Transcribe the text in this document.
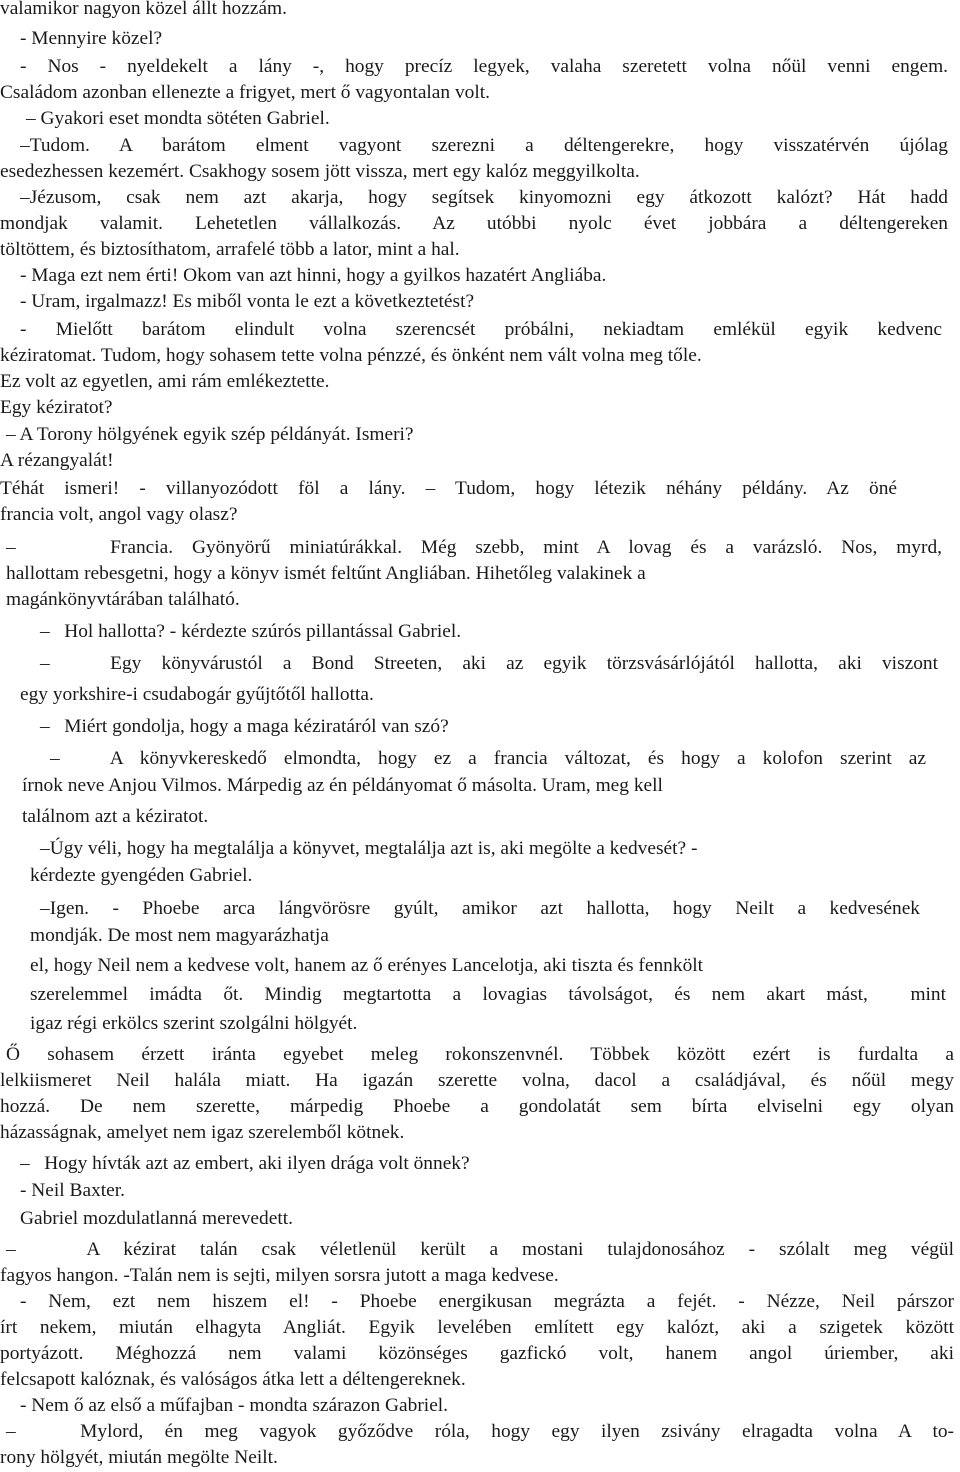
valamikor nagyon közel állt hozzám.
- Mennyire közel?
- Nos - nyeldekelt a lány -, hogy precíz legyek, valaha szeretett volna nőül venni engem.
Családom azonban ellenezte a frigyet, mert ő vagyontalan volt.
– Gyakori eset mondta sötéten Gabriel.
–Tudom. A barátom elment vagyont szerezni a déltengerekre, hogy visszatérvén újólag
esedezhessen kezemért. Csakhogy sosem jött vissza, mert egy kalóz meggyilkolta.
–Jézusom, csak nem azt akarja, hogy segítsek kinyomozni egy átkozott kalózt? Hát hadd
mondjak valamit. Lehetetlen vállalkozás. Az utóbbi nyolc évet jobbára a déltengereken
töltöttem, és biztosíthatom, arrafelé több a lator, mint a hal.
- Maga ezt nem érti! Okom van azt hinni, hogy a gyilkos hazatért Angliába.
- Uram, irgalmazz! Es miből vonta le ezt a következtetést?
- Mielőtt barátom elindult volna szerencsét próbálni, nekiadtam emlékül egyik kedvenc
kéziratomat. Tudom, hogy sohasem tette volna pénzzé, és önként nem vált volna meg tőle.
Ez volt az egyetlen, ami rám emlékeztette.
Egy kéziratot?
– A Torony hölgyének egyik szép példányát. Ismeri?
A rézangyalát!
Téhát ismeri! - villanyozódott föl a lány. – Tudom, hogy létezik néhány példány. Az öné
francia volt, angol vagy olasz?
–     Francia. Gyönyörű miniatúrákkal. Még szebb, mint A lovag és a varázsló. Nos, myrd,
hallottam rebesgetni, hogy a könyv ismét feltűnt Angliában. Hihetőleg valakinek a
magánkönyvtárában található.
–   Hol hallotta? - kérdezte szúrós pillantással Gabriel.
–   Egy könyvárustól a Bond Streeten, aki az egyik törzsvásárlójától hallotta, aki viszont
egy yorkshire-i csudabogár gyűjtőtől hallotta.
–   Miért gondolja, hogy a maga kéziratáról van szó?
–   A könyvkereskedő elmondta, hogy ez a francia változat, és hogy a kolofon szerint az
írnok neve Anjou Vilmos. Márpedig az én példányomat ő másolta. Uram, meg kell
találnom azt a kéziratot.
–Úgy véli, hogy ha megtalálja a könyvet, megtalálja azt is, aki megölte a kedvesét? -
kérdezte gyengéden Gabriel.
–Igen. - Phoebe arca lángvörösre gyúlt, amikor azt hallotta, hogy Neilt a kedvesének
mondják. De most nem magyarázhatja
el, hogy Neil nem a kedvese volt, hanem az ő erényes Lancelotja, aki tiszta és fennkölt
szerelemmel imádta őt. Mindig megtartotta a lovagias távolságot, és nem akart mást,  mint
igaz régi erkölcs szerint szolgálni hölgyét.
Ő sohasem érzett iránta egyebet meleg rokonszenvnél. Többek között ezért is furdalta a
lelkiismeret Neil halála miatt. Ha igazán szerette volna, dacol a családjával, és nőül megy
hozzá. De nem szerette, márpedig Phoebe a gondolatát sem bírta elviselni egy olyan
házasságnak, amelyet nem igaz szerelemből kötnek.
–   Hogy hívták azt az embert, aki ilyen drága volt önnek?
- Neil Baxter.
Gabriel mozdulatlanná merevedett.
–   A kézirat talán csak véletlenül került a mostani tulajdonosához - szólalt meg végül
fagyos hangon. -Talán nem is sejti, milyen sorsra jutott a maga kedvese.
- Nem, ezt nem hiszem el! - Phoebe energikusan megrázta a fejét. - Nézze, Neil párszor
írt nekem, miután elhagyta Angliát. Egyik levelében említett egy kalózt, aki a szigetek között
portyázott. Méghozzá nem valami közönséges gazfickó volt, hanem angol úriember, aki
felcsapott kalóznak, és valóságos átka lett a déltengereknek.
- Nem ő az első a műfajban - mondta szárazon Gabriel.
–   Mylord, én meg vagyok győződve róla, hogy egy ilyen zsivány elragadta volna A to-
rony hölgyét, miután megölte Neilt.
